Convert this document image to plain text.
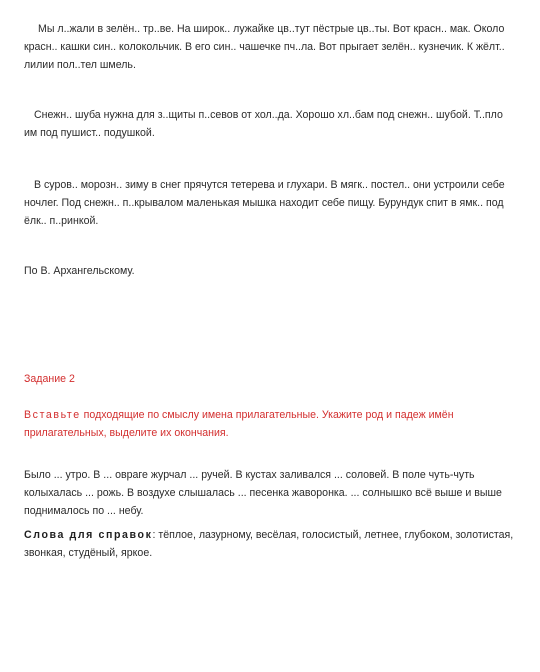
Мы л..жали в зелён.. тр..ве. На широк.. лужайке цв..тут пёстрые цв..ты. Вот красн.. мак. Около красн.. кашки син.. колокольчик. В его син.. чашечке пч..ла. Вот прыгает зелён.. кузнечик. К жёлт.. лилии пол..тел шмель.

Снежн.. шуба нужна для з..щиты п..севов от хол..да. Хорошо хл..бам под снежн.. шубой. Т..пло им под пушист.. подушкой.

В суров.. морозн.. зиму в снег прячутся тетерева и глухари. В мягк.. постел.. они устроили себе ночлег. Под снежн.. п..крывалом маленькая мышка находит себе пищу. Бурундук спит в ямк.. под ёлк.. п..ринкой.

По В. Архангельскому.

Задание 2

Вставьте подходящие по смыслу имена прилагательные. Укажите род и падеж имён прилагательных, выделите их окончания.

Было ... утро. В ... овраге журчал ... ручей. В кустах заливался ... соловей. В поле чуть-чуть колыхалась ... рожь. В воздухе слышалась ... песенка жаворонка. ... солнышко всё выше и выше поднималось по ... небу.

Слова для справок: тёплое, лазурному, весёлая, голосистый, летнее, глубоком, золотистая, звонкая, студёный, яркое.
